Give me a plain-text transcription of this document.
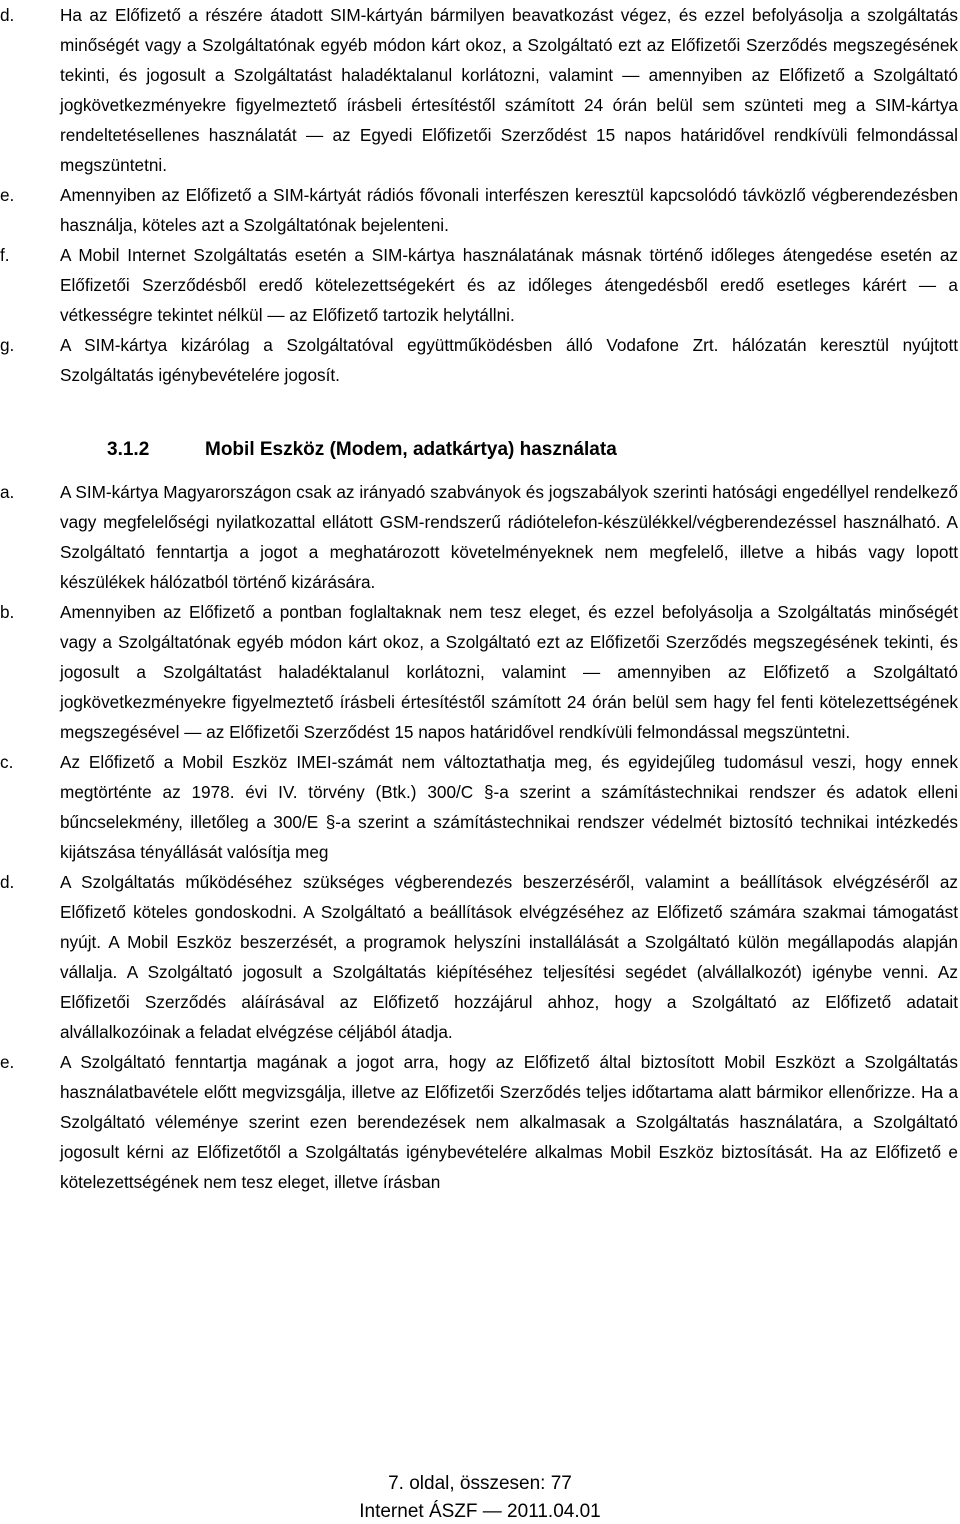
d.	Ha az Előfizető a részére átadott SIM-kártyán bármilyen beavatkozást végez, és ezzel befolyásolja a szolgáltatás minőségét vagy a Szolgáltatónak egyéb módon kárt okoz, a Szolgáltató ezt az Előfizetői Szerződés megszegésének tekinti, és jogosult a Szolgáltatást haladéktalanul korlátozni, valamint — amennyiben az Előfizető a Szolgáltató jogkövetkezményekre figyelmeztető írásbeli értesítéstől számított 24 órán belül sem szünteti meg a SIM-kártya rendeltetésellenes használatát — az Egyedi Előfizetői Szerződést 15 napos határidővel rendkívüli felmondással megszüntetni.
e.	Amennyiben az Előfizető a SIM-kártyát rádiós fővonali interfészen keresztül kapcsolódó távközlő végberendezésben használja, köteles azt a Szolgáltatónak bejelenteni.
f.	A Mobil Internet Szolgáltatás esetén a SIM-kártya használatának másnak történő időleges átengedése esetén az Előfizetői Szerződésből eredő kötelezettségekért és az időleges átengedésből eredő esetleges kárért — a vétkességre tekintet nélkül — az Előfizető tartozik helytállni.
g.	A SIM-kártya kizárólag a Szolgáltatóval együttműködésben álló Vodafone Zrt. hálózatán keresztül nyújtott Szolgáltatás igénybevételére jogosít.
3.1.2	Mobil Eszköz (Modem, adatkártya) használata
a.	A SIM-kártya Magyarországon csak az irányadó szabványok és jogszabályok szerinti hatósági engedéllyel rendelkező vagy megfelelőségi nyilatkozattal ellátott GSM-rendszerű rádiótelefon-készülékkel/végberendezéssel használható. A Szolgáltató fenntartja a jogot a meghatározott követelményeknek nem megfelelő, illetve a hibás vagy lopott készülékek hálózatból történő kizárására.
b.	Amennyiben az Előfizető a pontban foglaltaknak nem tesz eleget, és ezzel befolyásolja a Szolgáltatás minőségét vagy a Szolgáltatónak egyéb módon kárt okoz, a Szolgáltató ezt az Előfizetői Szerződés megszegésének tekinti, és jogosult a Szolgáltatást haladéktalanul korlátozni, valamint — amennyiben az Előfizető a Szolgáltató jogkövetkezményekre figyelmeztető írásbeli értesítéstől számított 24 órán belül sem hagy fel fenti kötelezettségének megszegésével — az Előfizetői Szerződést 15 napos határidővel rendkívüli felmondással megszüntetni.
c.	Az Előfizető a Mobil Eszköz IMEI-számát nem változtathatja meg, és egyidejűleg tudomásul veszi, hogy ennek megtörténte az 1978. évi IV. törvény (Btk.) 300/C §-a szerint a számítástechnikai rendszer és adatok elleni bűncselekmény, illetőleg a 300/E §-a szerint a számítástechnikai rendszer védelmét biztosító technikai intézkedés kijátszása tényállását valósítja meg
d.	A Szolgáltatás működéséhez szükséges végberendezés beszerzéséről, valamint a beállítások elvégzéséről az Előfizető köteles gondoskodni. A Szolgáltató a beállítások elvégzéséhez az Előfizető számára szakmai támogatást nyújt. A Mobil Eszköz beszerzését, a programok helyszíni installálását a Szolgáltató külön megállapodás alapján vállalja. A Szolgáltató jogosult a Szolgáltatás kiépítéséhez teljesítési segédet (alvállalkozót) igénybe venni. Az Előfizetői Szerződés aláírásával az Előfizető hozzájárul ahhoz, hogy a Szolgáltató az Előfizető adatait alvállalkozóinak a feladat elvégzése céljából átadja.
e.	A Szolgáltató fenntartja magának a jogot arra, hogy az Előfizető által biztosított Mobil Eszközt a Szolgáltatás használatbavétele előtt megvizsgálja, illetve az Előfizetői Szerződés teljes időtartama alatt bármikor ellenőrizze. Ha a Szolgáltató véleménye szerint ezen berendezések nem alkalmasak a Szolgáltatás használatára, a Szolgáltató jogosult kérni az Előfizetőtől a Szolgáltatás igénybevételére alkalmas Mobil Eszköz biztosítását. Ha az Előfizető e kötelezettségének nem tesz eleget, illetve írásban
7. oldal, összesen: 77
Internet ÁSZF — 2011.04.01
